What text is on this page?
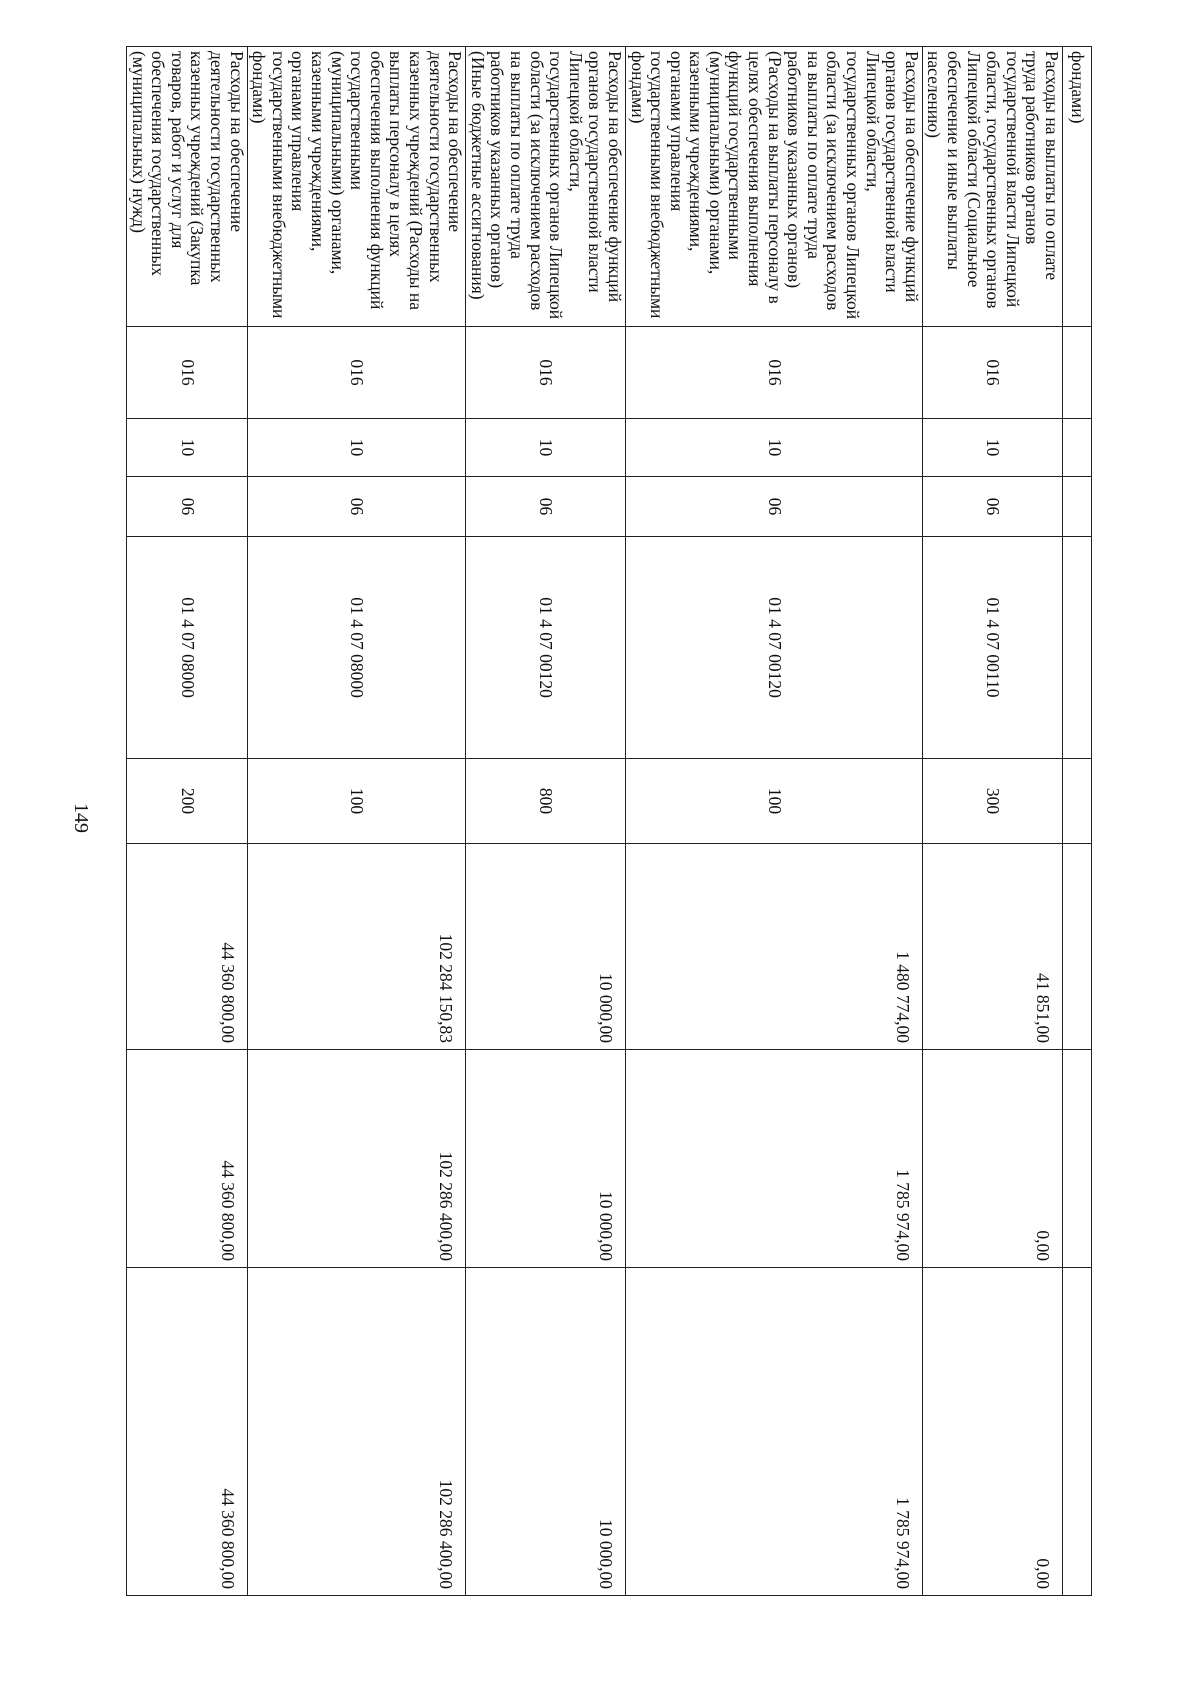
149
фондами)								
Расходы на выплаты по оплате труда работников органов государственной власти Липецкой области, государственных органов Липецкой области (Социальное обеспечение и иные выплаты населению)	016	10	06	01 4 07 00110	300	41 851,00	0,00	0,00
Расходы на обеспечение функций органов государственной власти Липецкой области, государственных органов Липецкой области (за исключением расходов на выплаты по оплате труда работников указанных органов) (Расходы на выплаты персоналу в целях обеспечения выполнения функций государственными (муниципальными) органами, казенными учреждениями, органами управления государственными внебюджетными фондами)	016	10	06	01 4 07 00120	100	1 480 774,00	1 785 974,00	1 785 974,00
Расходы на обеспечение функций органов государственной власти Липецкой области, государственных органов Липецкой области (за исключением расходов на выплаты по оплате труда работников указанных органов) (Иные бюджетные ассигнования)	016	10	06	01 4 07 00120	800	10 000,00	10 000,00	10 000,00
Расходы на обеспечение деятельности государственных казенных учреждений (Расходы на выплаты персоналу в целях обеспечения выполнения функций государственными (муниципальными) органами, казенными учреждениями, органами управления государственными внебюджетными фондами)	016	10	06	01 4 07 08000	100	102 284 150,83	102 286 400,00	102 286 400,00
Расходы на обеспечение деятельности государственных казенных учреждений (Закупка товаров, работ и услуг для обеспечения государственных (муниципальных) нужд)	016	10	06	01 4 07 08000	200	44 360 800,00	44 360 800,00	44 360 800,00
